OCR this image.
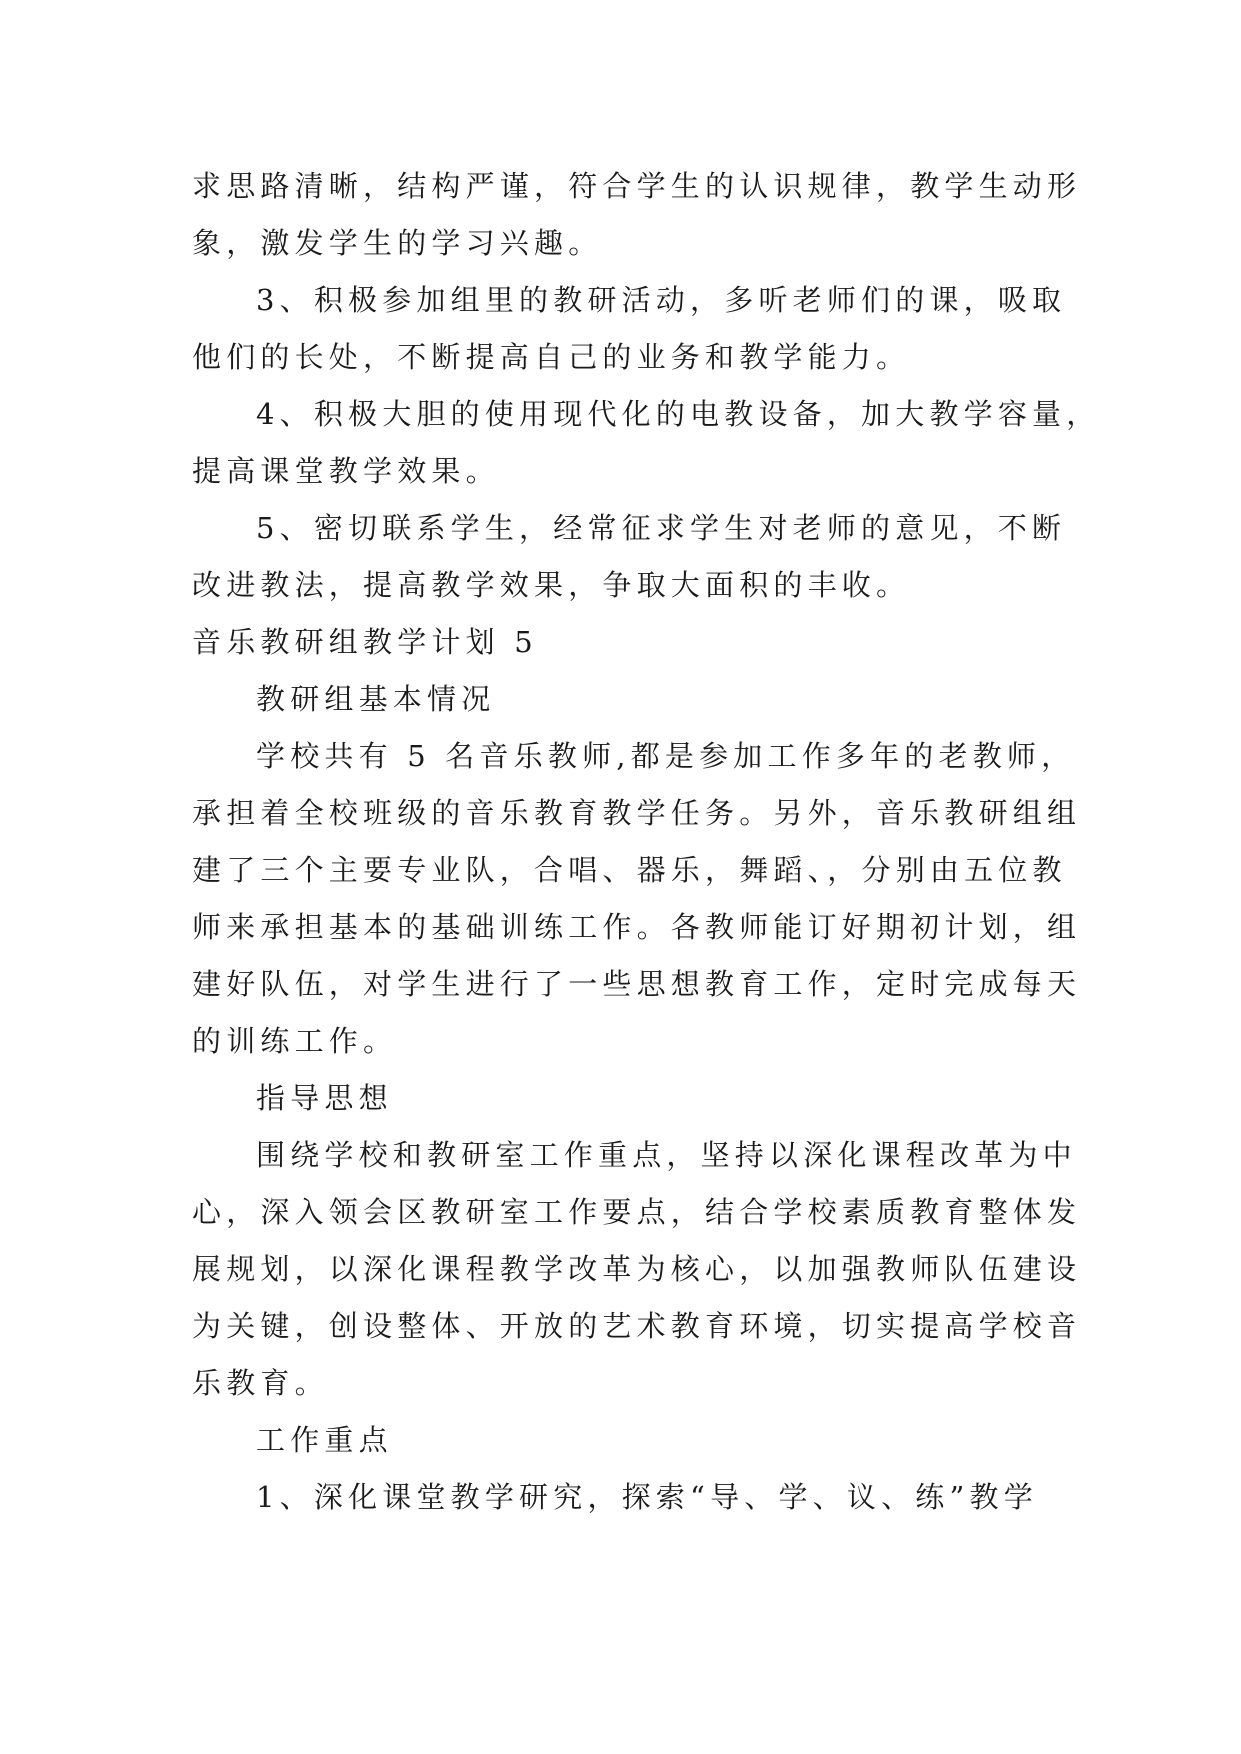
求思路清晰，结构严谨，符合学生的认识规律，教学生动形
象，激发学生的学习兴趣。
3、积极参加组里的教研活动，多听老师们的课，吸取
他们的长处，不断提高自己的业务和教学能力。
4、积极大胆的使用现代化的电教设备，加大教学容量，
提高课堂教学效果。
5、密切联系学生，经常征求学生对老师的意见，不断
改进教法，提高教学效果，争取大面积的丰收。
音乐教研组教学计划 5
教研组基本情况
学校共有 5 名音乐教师,都是参加工作多年的老教师，
承担着全校班级的音乐教育教学任务。另外，音乐教研组组
建了三个主要专业队，合唱、器乐，舞蹈、，分别由五位教
师来承担基本的基础训练工作。各教师能订好期初计划，组
建好队伍，对学生进行了一些思想教育工作，定时完成每天
的训练工作。
指导思想
围绕学校和教研室工作重点，坚持以深化课程改革为中
心，深入领会区教研室工作要点，结合学校素质教育整体发
展规划，以深化课程教学改革为核心，以加强教师队伍建设
为关键，创设整体、开放的艺术教育环境，切实提高学校音
乐教育。
工作重点
1、深化课堂教学研究，探索“导、学、议、练”教学
